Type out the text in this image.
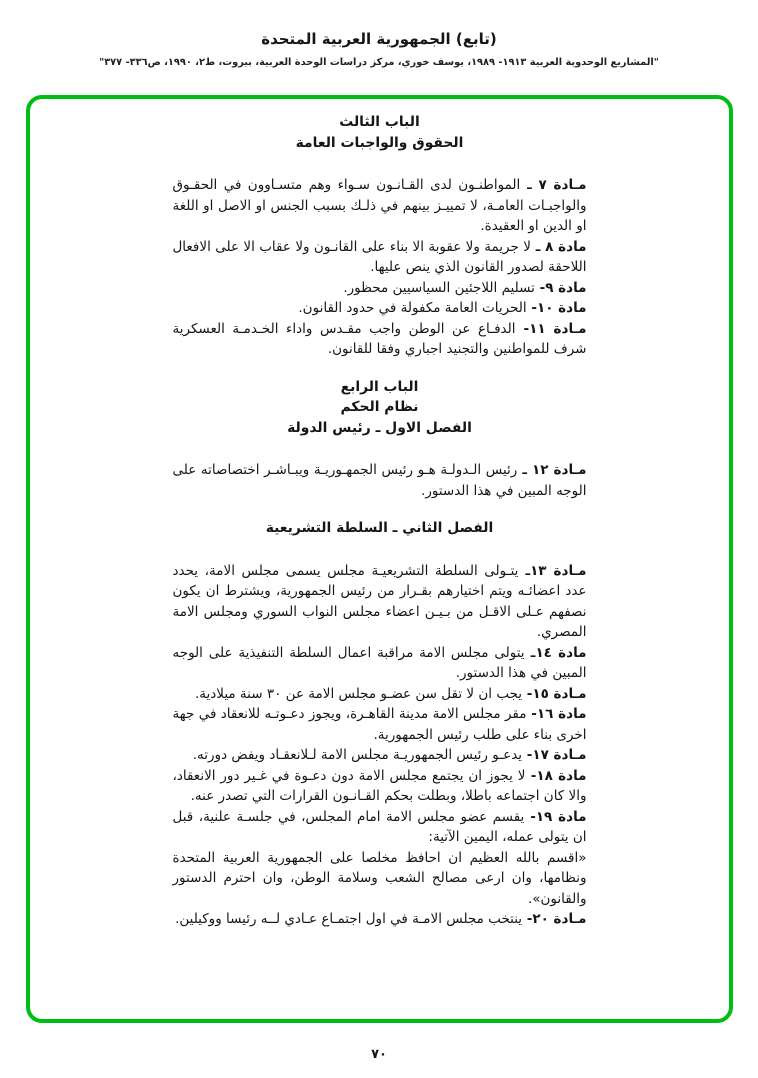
(تابع) الجمهورية العربية المتحدة
"المشاريع الوحدوية العربية ١٩١٣- ١٩٨٩، يوسف خوري، مركز دراسات الوحدة العربية، بيروت، ط٢، ١٩٩٠، ص٣٣٦- ٣٧٧"
الباب الثالث
الحقوق والواجبات العامة

مـادة ٧ ـ المواطنـون لدى القـانـون سـواء وهم متسـاوون في الحقـوق والواجبـات العامـة، لا تمييـز بينهم في ذلـك بسبب الجنس او الاصل او اللغة او الدين او العقيدة.

مادة ٨ ـ لا جريمة ولا عقوبة الا بناء على القانـون ولا عقاب الا على الافعال اللاحقة لصدور القانون الذي ينص عليها.

مادة ٩- تسليم اللاجئين السياسيين محظور.

مادة ١٠- الحريات العامة مكفولة في حدود القانون.

مـادة ١١- الدفـاع عن الوطن واجب مقـدس واداء الخـدمـة العسكرية شرف للمواطنين والتجنيد اجباري وفقا للقانون.

الباب الرابع
نظام الحكم
الفصل الاول ـ رئيس الدولة

مـادة ١٢ ـ رئيس الـدولـة هـو رئيس الجمهـوريـة ويبـاشـر اختصاصاته على الوجه المبين في هذا الدستور.

الفصل الثاني ـ السلطة التشريعية

مـادة ١٣ـ يتـولى السلطة التشريعيـة مجلس يسمى مجلس الامة، يحدد عدد اعضائـه ويتم اختيارهم بقـرار من رئيس الجمهورية، ويشترط ان يكون نصفهم عـلى الاقـل من بـيـن اعضاء مجلس النواب السوري ومجلس الامة المصري.

مادة ١٤ـ يتولى مجلس الامة مراقبة اعمال السلطة التنفيذية على الوجه المبين في هذا الدستور.

مـادة ١٥- يجب ان لا تقل سن عضـو مجلس الامة عن ٣٠ سنة ميلادية.

مادة ١٦- مقر مجلس الامة مدينة القاهـرة، ويجوز دعـوتـه للانعقاد في جهة اخرى بناء على طلب رئيس الجمهورية.

مـادة ١٧- يدعـو رئيس الجمهوريـة مجلس الامة لـلانعقـاد ويفض دورته.

مادة ١٨- لا يجوز ان يجتمع مجلس الامة دون دعـوة في غـير دور الانعقاد، والا كان اجتماعه باطلا، وبطلت بحكم القـانـون القرارات التي تصدر عنه.

مادة ١٩- يقسم عضو مجلس الامة امام المجلس، في جلسـة علنية، قبل ان يتولى عمله، اليمين الآتية:

«اقسم بالله العظيم ان احافظ مخلصا على الجمهورية العربية المتحدة ونظامها، وان ارعى مصالح الشعب وسلامة الوطن، وان احترم الدستور والقانون».

مـادة ٢٠- ينتخب مجلس الامـة في اول اجتمـاع عـادي لــه رئيسا ووكيلين.

٧٠
